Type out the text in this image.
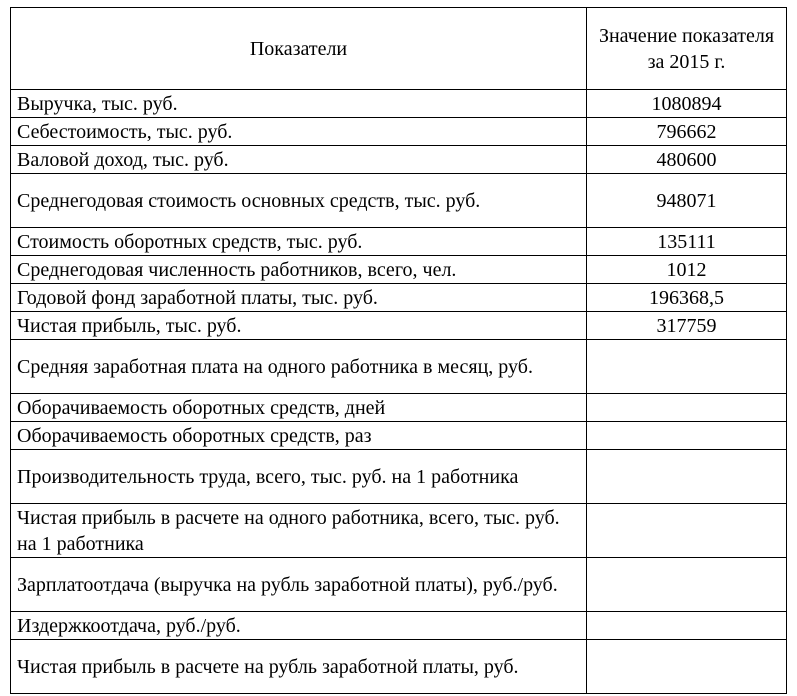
Показатели	Значение показателя за 2015 г.
Выручка, тыс. руб.	1080894
Себестоимость, тыс. руб.	796662
Валовой доход, тыс. руб.	480600
Среднегодовая стоимость основных средств, тыс. руб.	948071
Стоимость оборотных средств, тыс. руб.	135111
Среднегодовая численность работников, всего, чел.	1012
Годовой фонд заработной платы, тыс. руб.	196368,5
Чистая прибыль, тыс. руб.	317759
Средняя заработная плата на одного работника в месяц, руб.	
Оборачиваемость оборотных средств, дней	
Оборачиваемость оборотных средств, раз	
Производительность труда, всего, тыс. руб. на 1 работника	
Чистая прибыль в расчете на одного работника, всего, тыс. руб. на 1 работника	
Зарплатоотдача (выручка на рубль заработной платы), руб./руб.	
Издержкоотдача, руб./руб.	
Чистая прибыль в расчете на рубль заработной платы, руб.	
